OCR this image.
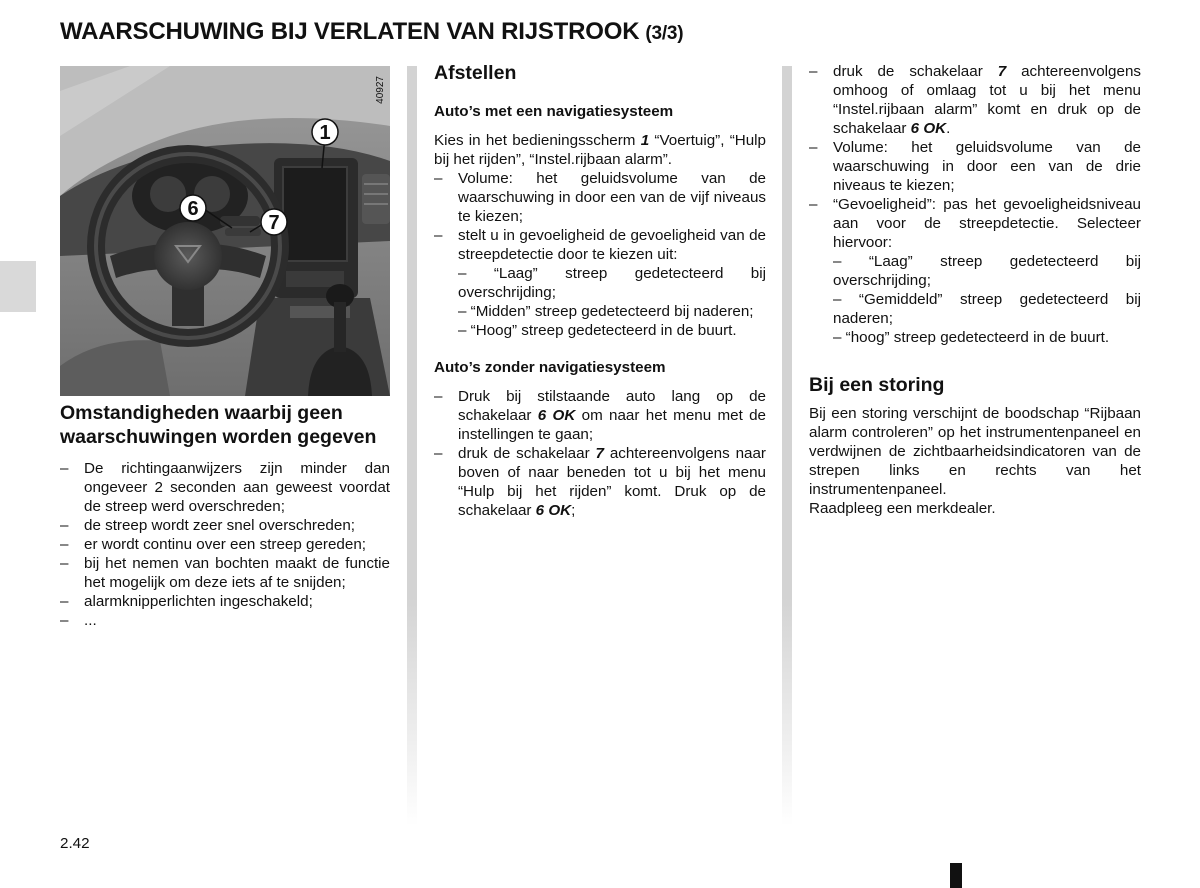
WAARSCHUWING BIJ VERLATEN VAN RIJSTROOK (3/3)
40927
1
6
7
Omstandigheden waarbij geen waarschuwingen worden gegeven
– De richtingaanwijzers zijn minder dan ongeveer 2 seconden aan geweest voordat de streep werd overschreden;
– de streep wordt zeer snel overschreden;
– er wordt continu over een streep gereden;
– bij het nemen van bochten maakt de functie het mogelijk om deze iets af te snijden;
– alarmknipperlichten ingeschakeld;
– ...
Afstellen
Auto’s met een navigatiesysteem

Kies in het bedieningsscherm 1 “Voertuig”, “Hulp bij het rijden”, “Instel.rijbaan alarm”.

– Volume: het geluidsvolume van de waarschuwing in door een van de vijf niveaus te kiezen;
– stelt u in gevoeligheid de gevoeligheid van de streepdetectie door te kiezen uit:
– “Laag” streep gedetecteerd bij overschrijding;
– “Midden” streep gedetecteerd bij naderen;
– “Hoog” streep gedetecteerd in de buurt.
Auto’s zonder navigatiesysteem
– Druk bij stilstaande auto lang op de schakelaar 6 OK om naar het menu met de instellingen te gaan;
– druk de schakelaar 7 achtereenvolgens naar boven of naar beneden tot u bij het menu “Hulp bij het rijden” komt. Druk op de schakelaar 6 OK;
– druk de schakelaar 7 achtereenvolgens omhoog of omlaag tot u bij het menu “Instel.rijbaan alarm” komt en druk op de schakelaar 6 OK.
– Volume: het geluidsvolume van de waarschuwing in door een van de drie niveaus te kiezen;
– “Gevoeligheid”: pas het gevoeligheidsniveau aan voor de streepdetectie. Selecteer hiervoor:
– “Laag” streep gedetecteerd bij overschrijding;
– “Gemiddeld” streep gedetecteerd bij naderen;
– “hoog” streep gedetecteerd in de buurt.
Bij een storing

Bij een storing verschijnt de boodschap “Rijbaan alarm controleren” op het instrumentenpaneel en verdwijnen de zichtbaarheidsindicatoren van de strepen links en rechts van het instrumentenpaneel.

Raadpleeg een merkdealer.

2.42
